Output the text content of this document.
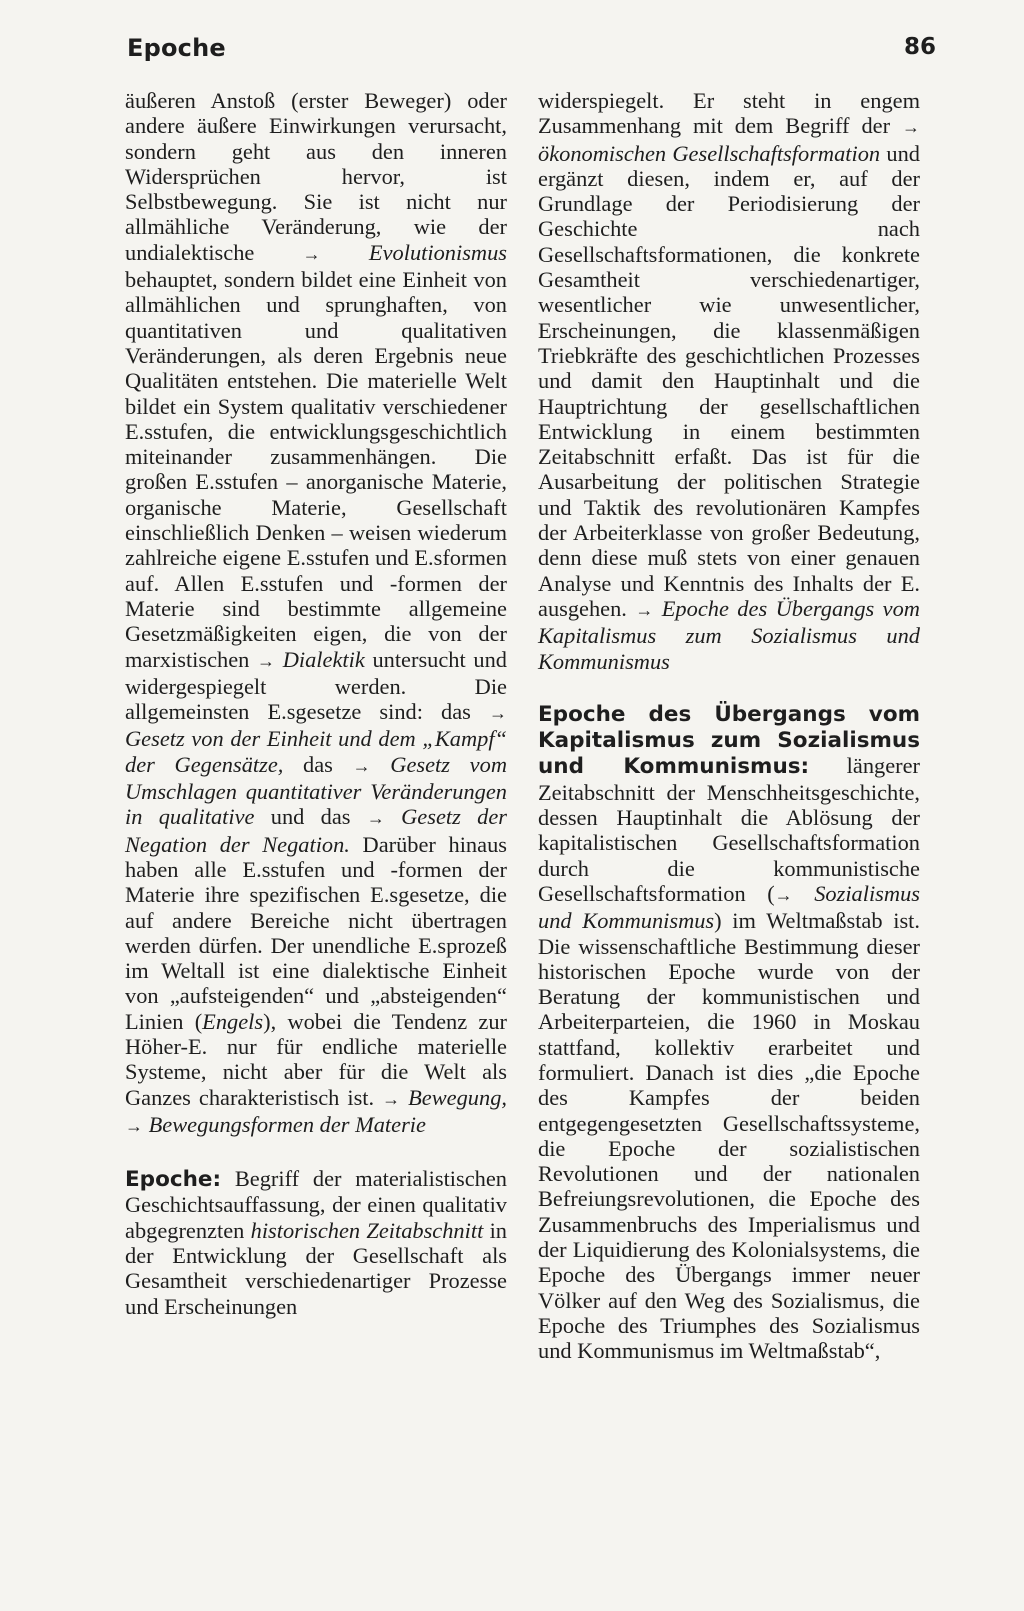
Epoche	86

äußeren Anstoß (erster Beweger) oder andere äußere Einwirkungen verursacht, sondern geht aus den inneren Widersprüchen hervor, ist Selbstbewegung. Sie ist nicht nur allmähliche Veränderung, wie der undialektische → Evolutionismus behauptet, sondern bildet eine Einheit von allmählichen und sprunghaften, von quantitativen und qualitativen Veränderungen, als deren Ergebnis neue Qualitäten entstehen. Die materielle Welt bildet ein System qualitativ verschiedener E.sstufen, die entwicklungsgeschichtlich miteinander zusammenhängen. Die großen E.sstufen – anorganische Materie, organische Materie, Gesellschaft einschließlich Denken – weisen wiederum zahlreiche eigene E.sstufen und E.sformen auf. Allen E.sstufen und -formen der Materie sind bestimmte allgemeine Gesetzmäßigkeiten eigen, die von der marxistischen → Dialektik untersucht und widergespiegelt werden. Die allgemeinsten E.sgesetze sind: das → Gesetz von der Einheit und dem „Kampf“ der Gegensätze, das → Gesetz vom Umschlagen quantitativer Veränderungen in qualitative und das → Gesetz der Negation der Negation. Darüber hinaus haben alle E.sstufen und -formen der Materie ihre spezifischen E.sgesetze, die auf andere Bereiche nicht übertragen werden dürfen. Der unendliche E.sprozeß im Weltall ist eine dialektische Einheit von „aufsteigenden“ und „absteigenden“ Linien (Engels), wobei die Tendenz zur Höher-E. nur für endliche materielle Systeme, nicht aber für die Welt als Ganzes charakteristisch ist. → Bewegung, → Bewegungsformen der Materie

Epoche: Begriff der materialistischen Geschichtsauffassung, der einen qualitativ abgegrenzten historischen Zeitabschnitt in der Entwicklung der Gesellschaft als Gesamtheit verschiedenartiger Prozesse und Erscheinungen

widerspiegelt. Er steht in engem Zusammenhang mit dem Begriff der → ökonomischen Gesellschaftsformation und ergänzt diesen, indem er, auf der Grundlage der Periodisierung der Geschichte nach Gesellschaftsformationen, die konkrete Gesamtheit verschiedenartiger, wesentlicher wie unwesentlicher, Erscheinungen, die klassenmäßigen Triebkräfte des geschichtlichen Prozesses und damit den Hauptinhalt und die Hauptrichtung der gesellschaftlichen Entwicklung in einem bestimmten Zeitabschnitt erfaßt. Das ist für die Ausarbeitung der politischen Strategie und Taktik des revolutionären Kampfes der Arbeiterklasse von großer Bedeutung, denn diese muß stets von einer genauen Analyse und Kenntnis des Inhalts der E. ausgehen. → Epoche des Übergangs vom Kapitalismus zum Sozialismus und Kommunismus

Epoche des Übergangs vom Kapitalismus zum Sozialismus und Kommunismus: längerer Zeitabschnitt der Menschheitsgeschichte, dessen Hauptinhalt die Ablösung der kapitalistischen Gesellschaftsformation durch die kommunistische Gesellschaftsformation (→ Sozialismus und Kommunismus) im Weltmaßstab ist. Die wissenschaftliche Bestimmung dieser historischen Epoche wurde von der Beratung der kommunistischen und Arbeiterparteien, die 1960 in Moskau stattfand, kollektiv erarbeitet und formuliert. Danach ist dies „die Epoche des Kampfes der beiden entgegengesetzten Gesellschaftssysteme, die Epoche der sozialistischen Revolutionen und der nationalen Befreiungsrevolutionen, die Epoche des Zusammenbruchs des Imperialismus und der Liquidierung des Kolonialsystems, die Epoche des Übergangs immer neuer Völker auf den Weg des Sozialismus, die Epoche des Triumphes des Sozialismus und Kommunismus im Weltmaßstab“,
